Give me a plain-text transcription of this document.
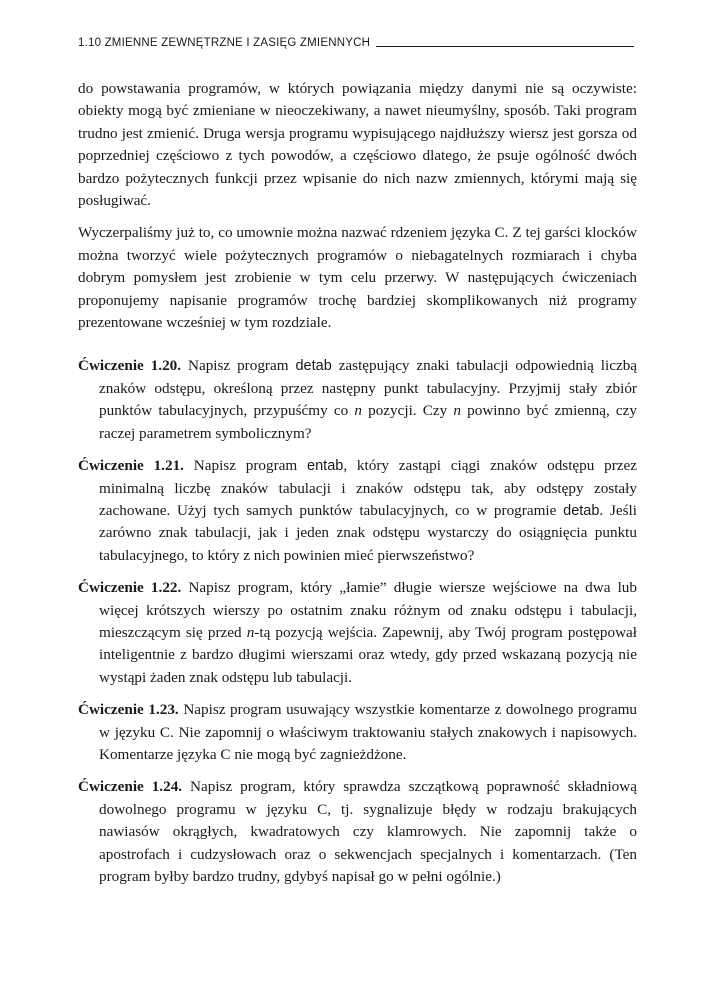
1.10 ZMIENNE ZEWNĘTRZNE I ZASIĘG ZMIENNYCH

do powstawania programów, w których powiązania między danymi nie są oczywiste: obiekty mogą być zmieniane w nieoczekiwany, a nawet nieumyślny, sposób. Taki program trudno jest zmienić. Druga wersja programu wypisującego najdłuższy wiersz jest gorsza od poprzedniej częściowo z tych powodów, a częściowo dlatego, że psuje ogólność dwóch bardzo pożytecznych funkcji przez wpisanie do nich nazw zmiennych, którymi mają się posługiwać.

Wyczerpaliśmy już to, co umownie można nazwać rdzeniem języka C. Z tej garści klocków można tworzyć wiele pożytecznych programów o niebagatelnych rozmiarach i chyba dobrym pomysłem jest zrobienie w tym celu przerwy. W następujących ćwiczeniach proponujemy napisanie programów trochę bardziej skomplikowanych niż programy prezentowane wcześniej w tym rozdziale.

Ćwiczenie 1.20. Napisz program detab zastępujący znaki tabulacji odpowiednią liczbą znaków odstępu, określoną przez następny punkt tabulacyjny. Przyjmij stały zbiór punktów tabulacyjnych, przypuśćmy co n pozycji. Czy n powinno być zmienną, czy raczej parametrem symbolicznym?

Ćwiczenie 1.21. Napisz program entab, który zastąpi ciągi znaków odstępu przez minimalną liczbę znaków tabulacji i znaków odstępu tak, aby odstępy zostały zachowane. Użyj tych samych punktów tabulacyjnych, co w programie detab. Jeśli zarówno znak tabulacji, jak i jeden znak odstępu wystarczy do osiągnięcia punktu tabulacyjnego, to który z nich powinien mieć pierwszeństwo?

Ćwiczenie 1.22. Napisz program, który „łamie” długie wiersze wejściowe na dwa lub więcej krótszych wierszy po ostatnim znaku różnym od znaku odstępu i tabulacji, mieszczącym się przed n-tą pozycją wejścia. Zapewnij, aby Twój program postępował inteligentnie z bardzo długimi wierszami oraz wtedy, gdy przed wskazaną pozycją nie wystąpi żaden znak odstępu lub tabulacji.

Ćwiczenie 1.23. Napisz program usuwający wszystkie komentarze z dowolnego programu w języku C. Nie zapomnij o właściwym traktowaniu stałych znakowych i napisowych. Komentarze języka C nie mogą być zagnieżdżone.

Ćwiczenie 1.24. Napisz program, który sprawdza szczątkową poprawność składniową dowolnego programu w języku C, tj. sygnalizuje błędy w rodzaju brakujących nawiasów okrągłych, kwadratowych czy klamrowych. Nie zapomnij także o apostrofach i cudzysłowach oraz o sekwencjach specjalnych i komentarzach. (Ten program byłby bardzo trudny, gdybyś napisał go w pełni ogólnie.)
